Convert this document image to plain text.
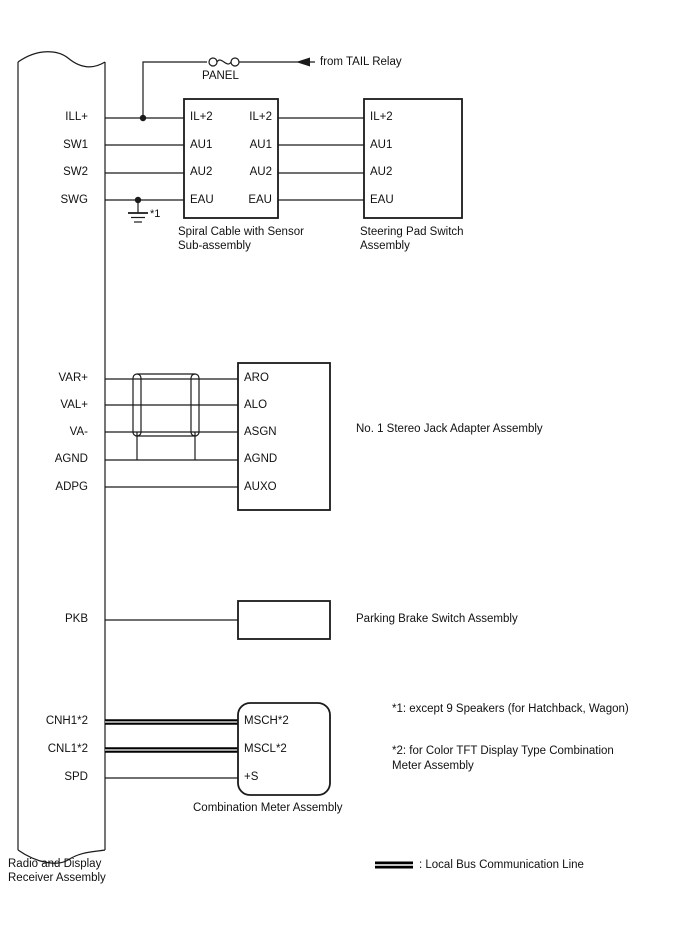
ILL+
SW1
SW2
SWG
VAR+
VAL+
VA-
AGND
ADPG
PKB
CNH1*2
CNL1*2
SPD
PANEL
from TAIL Relay
*1
IL+2
AU1
AU2
EAU
IL+2
AU1
AU2
EAU
Spiral Cable with Sensor
Sub-assembly
IL+2
AU1
AU2
EAU
Steering Pad Switch
Assembly
ARO
ALO
ASGN
AGND
AUXO
No. 1 Stereo Jack Adapter Assembly
Parking Brake Switch Assembly
MSCH*2
MSCL*2
+S
Combination Meter Assembly
*1: except 9 Speakers (for Hatchback, Wagon)
*2: for Color TFT Display Type Combination
Meter Assembly
: Local Bus Communication Line
Radio and Display
Receiver Assembly
